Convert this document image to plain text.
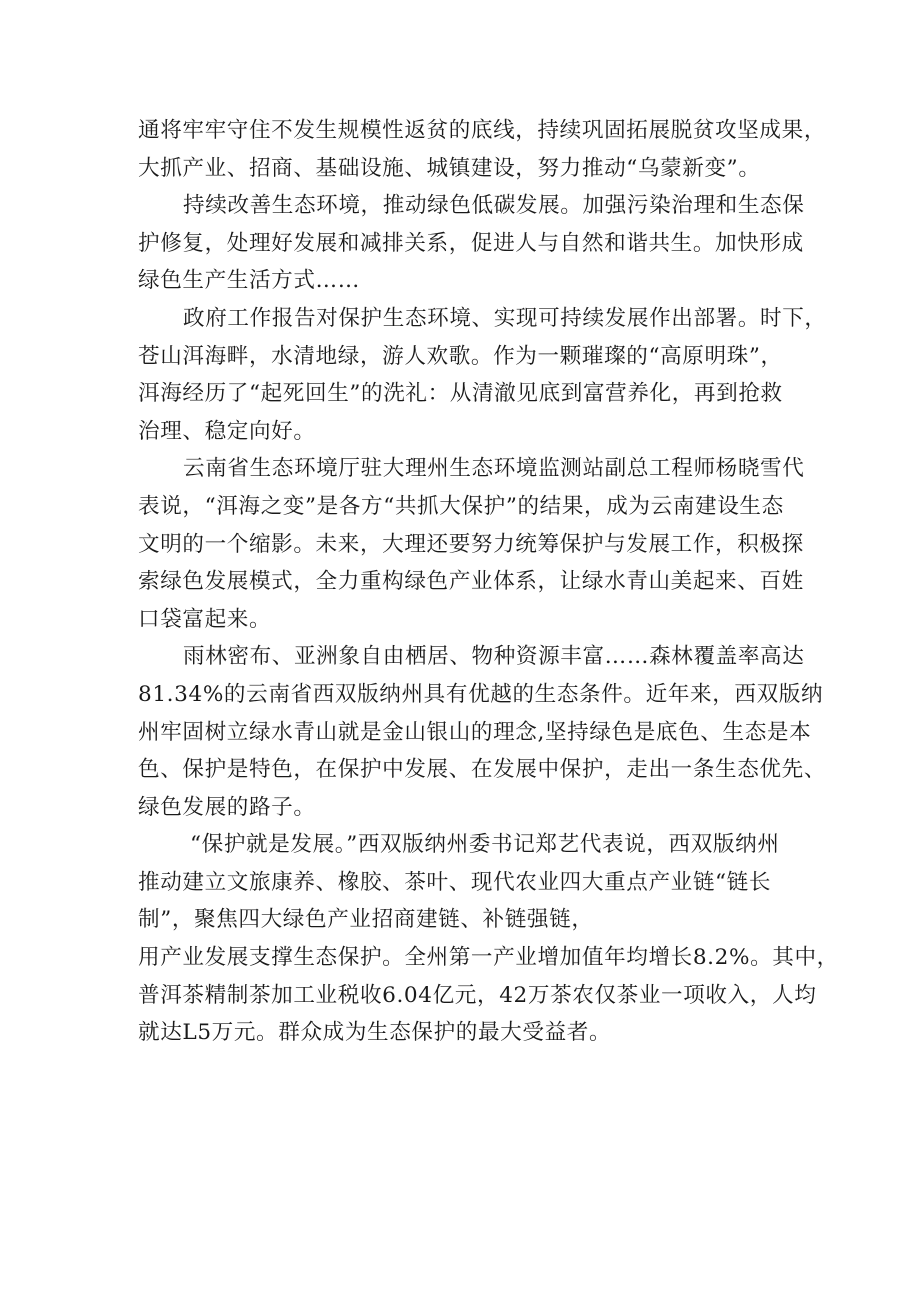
通将牢牢守住不发生规模性返贫的底线，持续巩固拓展脱贫攻坚成果，
大抓产业、招商、基础设施、城镇建设，努力推动“乌蒙新变”。
持续改善生态环境，推动绿色低碳发展。加强污染治理和生态保
护修复，处理好发展和减排关系，促进人与自然和谐共生。加快形成
绿色生产生活方式……
政府工作报告对保护生态环境、实现可持续发展作出部署。时下，
苍山洱海畔，水清地绿，游人欢歌。作为一颗璀璨的“高原明珠”，
洱海经历了“起死回生”的洗礼：从清澈见底到富营养化，再到抢救
治理、稳定向好。
云南省生态环境厅驻大理州生态环境监测站副总工程师杨晓雪代
表说，“洱海之变”是各方“共抓大保护”的结果，成为云南建设生态
文明的一个缩影。未来，大理还要努力统筹保护与发展工作，积极探
索绿色发展模式，全力重构绿色产业体系，让绿水青山美起来、百姓
口袋富起来。
雨林密布、亚洲象自由栖居、物种资源丰富……森林覆盖率高达
81.34%的云南省西双版纳州具有优越的生态条件。近年来，西双版纳
州牢固树立绿水青山就是金山银山的理念,坚持绿色是底色、生态是本
色、保护是特色，在保护中发展、在发展中保护，走出一条生态优先、
绿色发展的路子。
“保护就是发展。”西双版纳州委书记郑艺代表说，西双版纳州
推动建立文旅康养、橡胶、茶叶、现代农业四大重点产业链“链长
制”，聚焦四大绿色产业招商建链、补链强链，
用产业发展支撑生态保护。全州第一产业增加值年均增长8.2%。其中，
普洱茶精制茶加工业税收6.04亿元，42万茶农仅茶业一项收入，人均
就达L5万元。群众成为生态保护的最大受益者。
